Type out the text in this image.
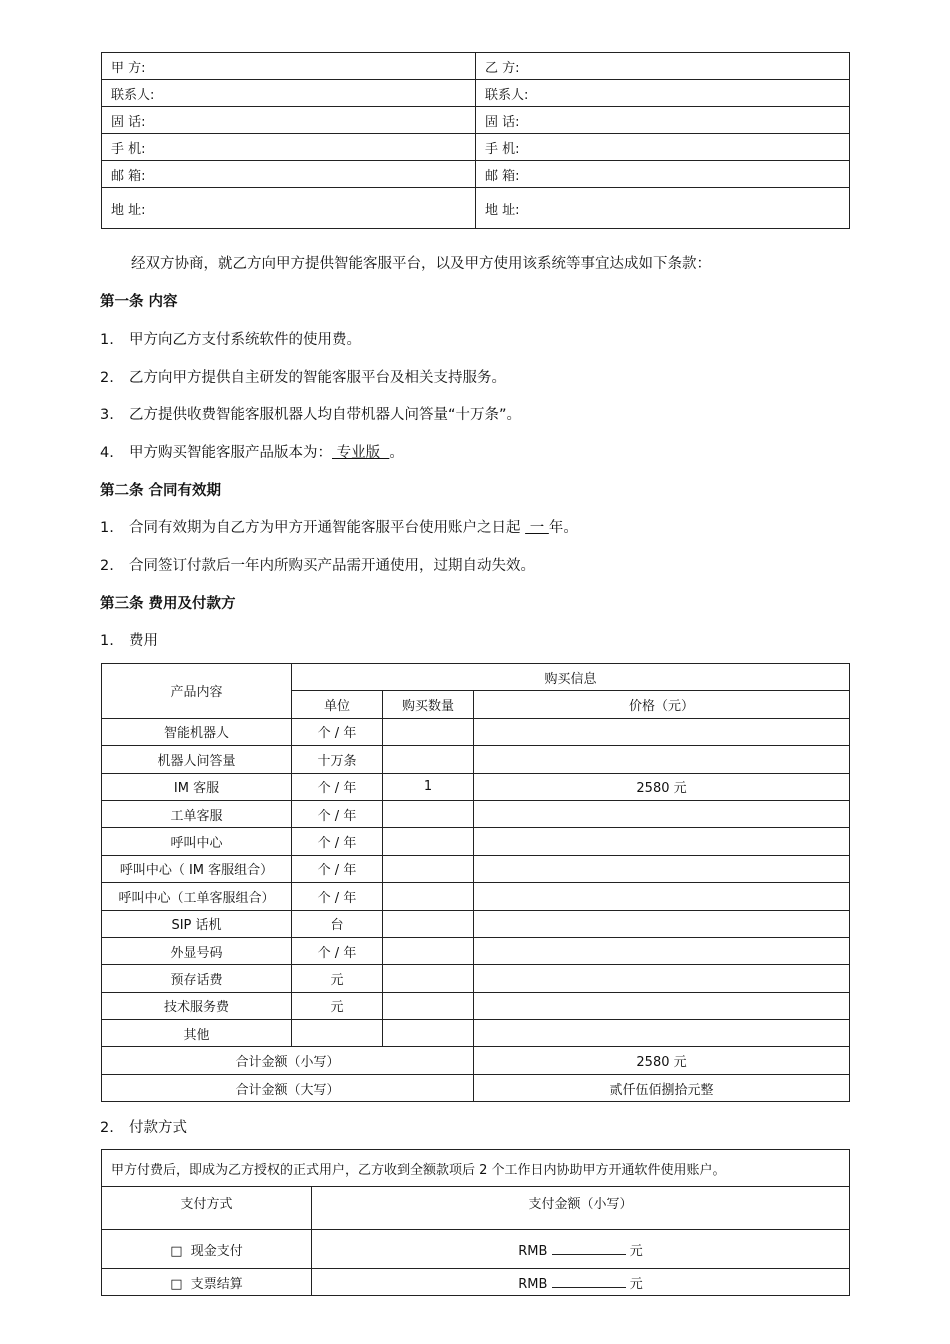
甲 方:	乙 方:
联系人:	联系人:
固 话:	固 话:
手 机:	手 机:
邮 箱:	邮 箱:
地 址:	地 址:
经双方协商，就乙方向甲方提供智能客服平台，以及甲方使用该系统等事宜达成如下条款：
第一条 内容
1. 甲方向乙方支付系统软件的使用费。
2. 乙方向甲方提供自主研发的智能客服平台及相关支持服务。
3. 乙方提供收费智能客服机器人均自带机器人问答量“十万条”。
4. 甲方购买智能客服产品版本为： 专业版  。
第二条 合同有效期
1. 合同有效期为自乙方为甲方开通智能客服平台使用账户之日起  一 年。
2. 合同签订付款后一年内所购买产品需开通使用，过期自动失效。
第三条 费用及付款方
1. 费用
产品内容	购买信息		
	单位	购买数量	价格（元）
智能机器人	个 / 年		
机器人问答量	十万条		
IM 客服	个 / 年	1	2580 元
工单客服	个 / 年		
呼叫中心	个 / 年		
呼叫中心（ IM 客服组合）	个 / 年		
呼叫中心（工单客服组合）	个 / 年		
SIP 话机	台		
外显号码	个 / 年		
预存话费	元		
技术服务费	元		
其他			
合计金额（小写）			2580 元
合计金额（大写）			贰仟伍佰捌拾元整
2. 付款方式
甲方付费后，即成为乙方授权的正式用户，乙方收到全额款项后 2 个工作日内协助甲方开通软件使用账户。	
支付方式	支付金额（小写）
□ 现金支付	RMB 元
□ 支票结算	RMB 元
